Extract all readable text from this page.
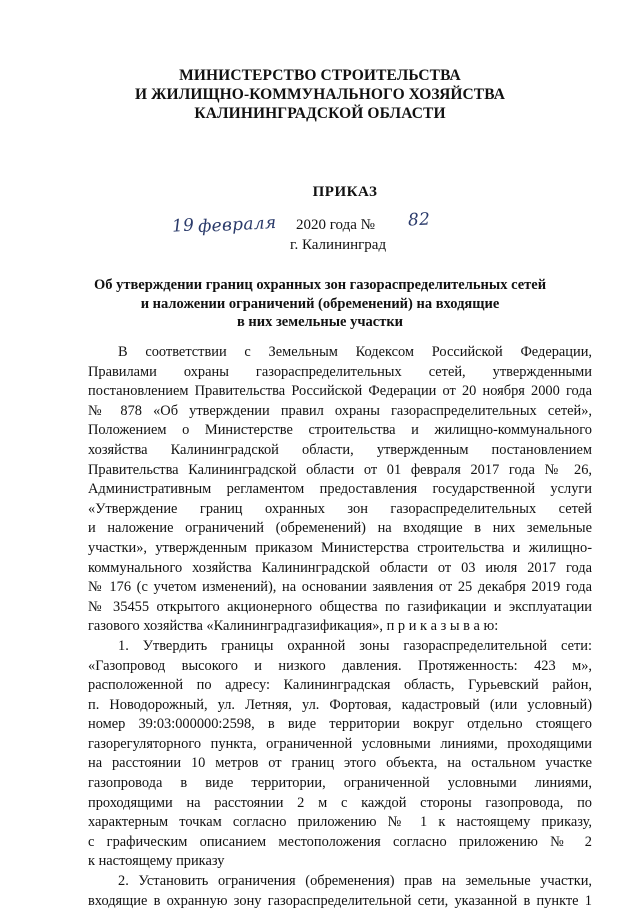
МИНИСТЕРСТВО СТРОИТЕЛЬСТВА
И ЖИЛИЩНО-КОММУНАЛЬНОГО ХОЗЯЙСТВА
КАЛИНИНГРАДСКОЙ ОБЛАСТИ
ПРИКАЗ
19 февраля 2020 года № 82
г. Калининград
Об утверждении границ охранных зон газораспределительных сетей
и наложении ограничений (обременений) на входящие
в них земельные участки
В соответствии с Земельным Кодексом Российской Федерации,
Правилами охраны газораспределительных сетей, утвержденными
постановлением Правительства Российской Федерации от 20 ноября 2000 года
№ 878 «Об утверждении правил охраны газораспределительных сетей»,
Положением о Министерстве строительства и жилищно-коммунального
хозяйства Калининградской области, утвержденным постановлением
Правительства Калининградской области от 01 февраля 2017 года № 26,
Административным регламентом предоставления государственной услуги
«Утверждение границ охранных зон газораспределительных сетей
и наложение ограничений (обременений) на входящие в них земельные
участки», утвержденным приказом Министерства строительства и жилищно-
коммунального хозяйства Калининградской области от 03 июля 2017 года
№ 176 (с учетом изменений), на основании заявления от 25 декабря 2019 года
№ 35455 открытого акционерного общества по газификации и эксплуатации
газового хозяйства «Калининградгазификация», п р и к а з ы в а ю:
1. Утвердить границы охранной зоны газораспределительной сети:
«Газопровод высокого и низкого давления. Протяженность: 423 м»,
расположенной по адресу: Калининградская область, Гурьевский район,
п. Новодорожный, ул. Летняя, ул. Фортовая, кадастровый (или условный)
номер 39:03:000000:2598, в виде территории вокруг отдельно стоящего
газорегуляторного пункта, ограниченной условными линиями, проходящими
на расстоянии 10 метров от границ этого объекта, на остальном участке
газопровода в виде территории, ограниченной условными линиями,
проходящими на расстоянии 2 м с каждой стороны газопровода, по
характерным точкам согласно приложению № 1 к настоящему приказу,
с графическим описанием местоположения согласно приложению № 2
к настоящему приказу
2. Установить ограничения (обременения) прав на земельные участки,
входящие в охранную зону газораспределительной сети, указанной в пункте 1
